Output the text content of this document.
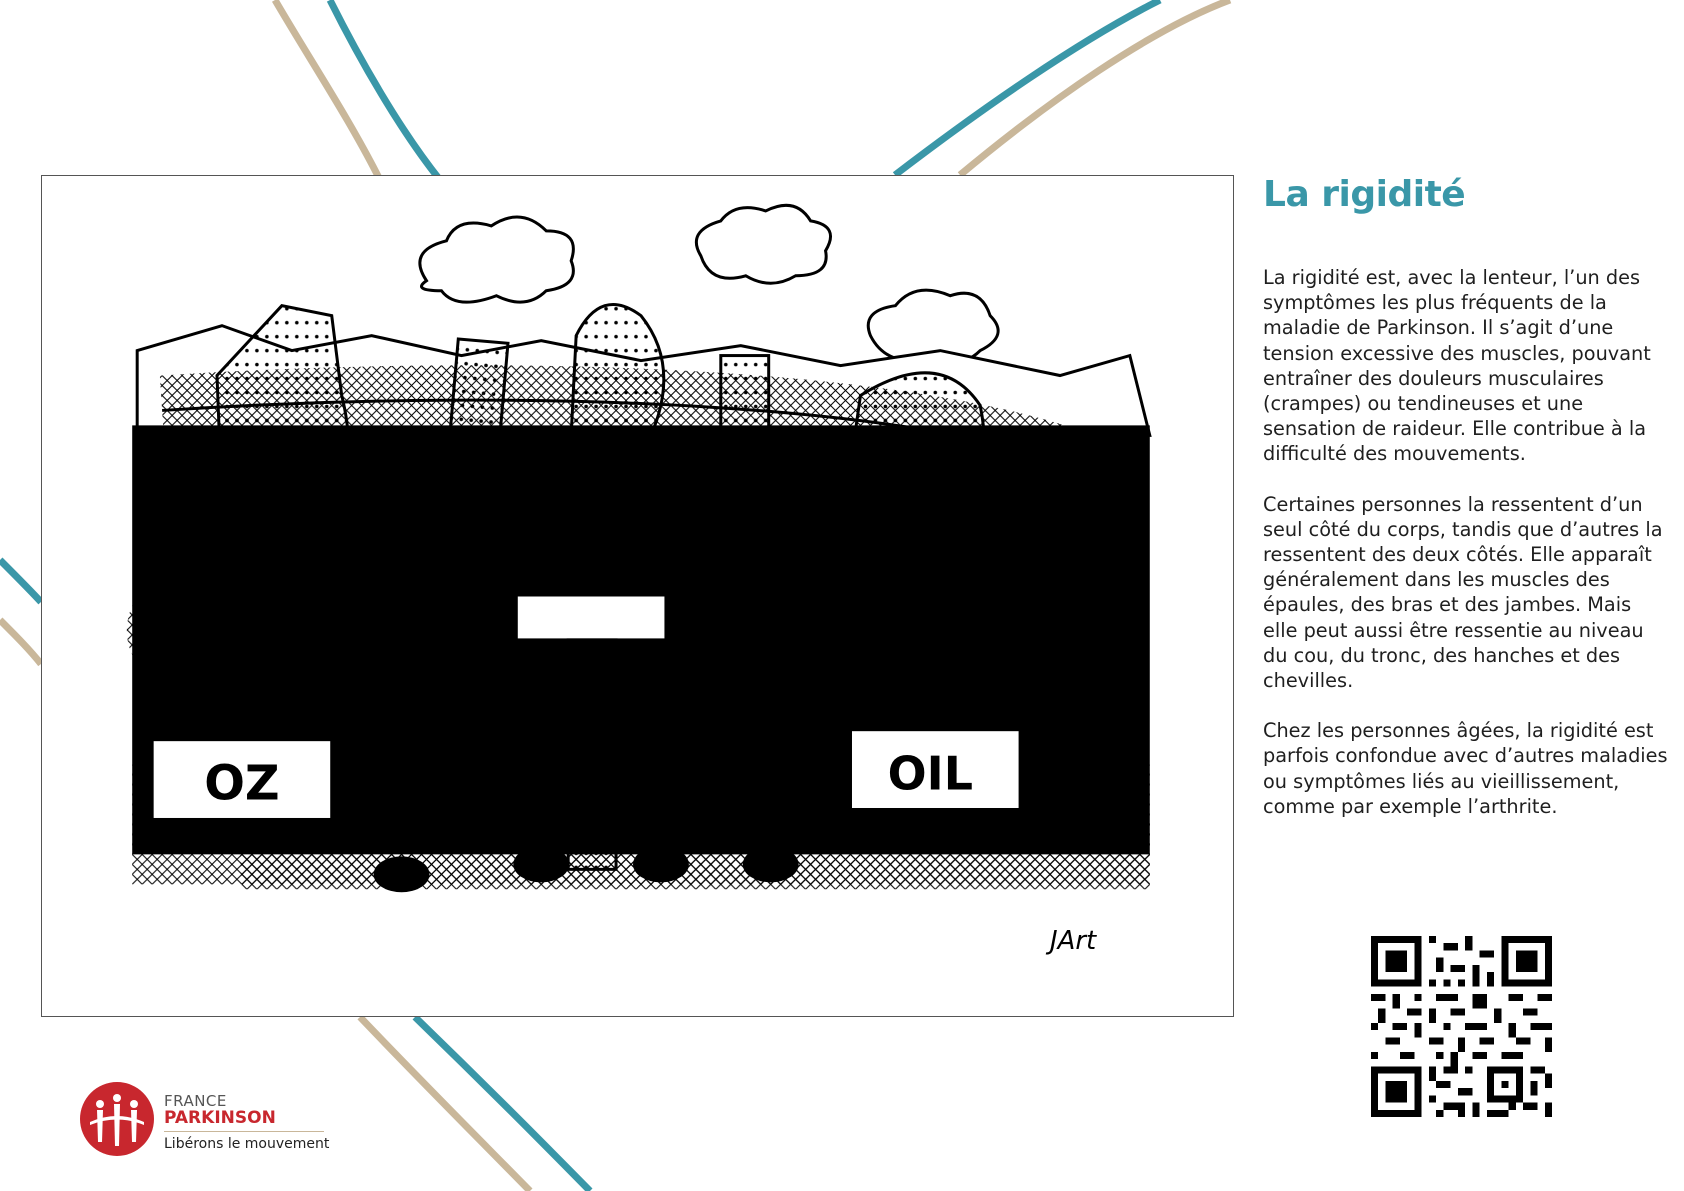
OZ	OIL
JArt
RIGID
ITÉ
La rigidité

La rigidité est, avec la lenteur, l’un des symptômes les plus fréquents de la maladie de Parkinson. Il s’agit d’une tension excessive des muscles, pouvant entraîner des douleurs musculaires (crampes) ou tendineuses et une sensation de raideur. Elle contribue à la difficulté des mouvements.

Certaines personnes la ressentent d’un seul côté du corps, tandis que d’autres la ressentent des deux côtés. Elle apparaît généralement dans les muscles des épaules, des bras et des jambes. Mais elle peut aussi être ressentie au niveau du cou, du tronc, des hanches et des chevilles.

Chez les personnes âgées, la rigidité est parfois confondue avec d’autres maladies ou symptômes liés au vieillissement, comme par exemple l’arthrite.

FRANCE
PARKINSON
Libérons le mouvement
